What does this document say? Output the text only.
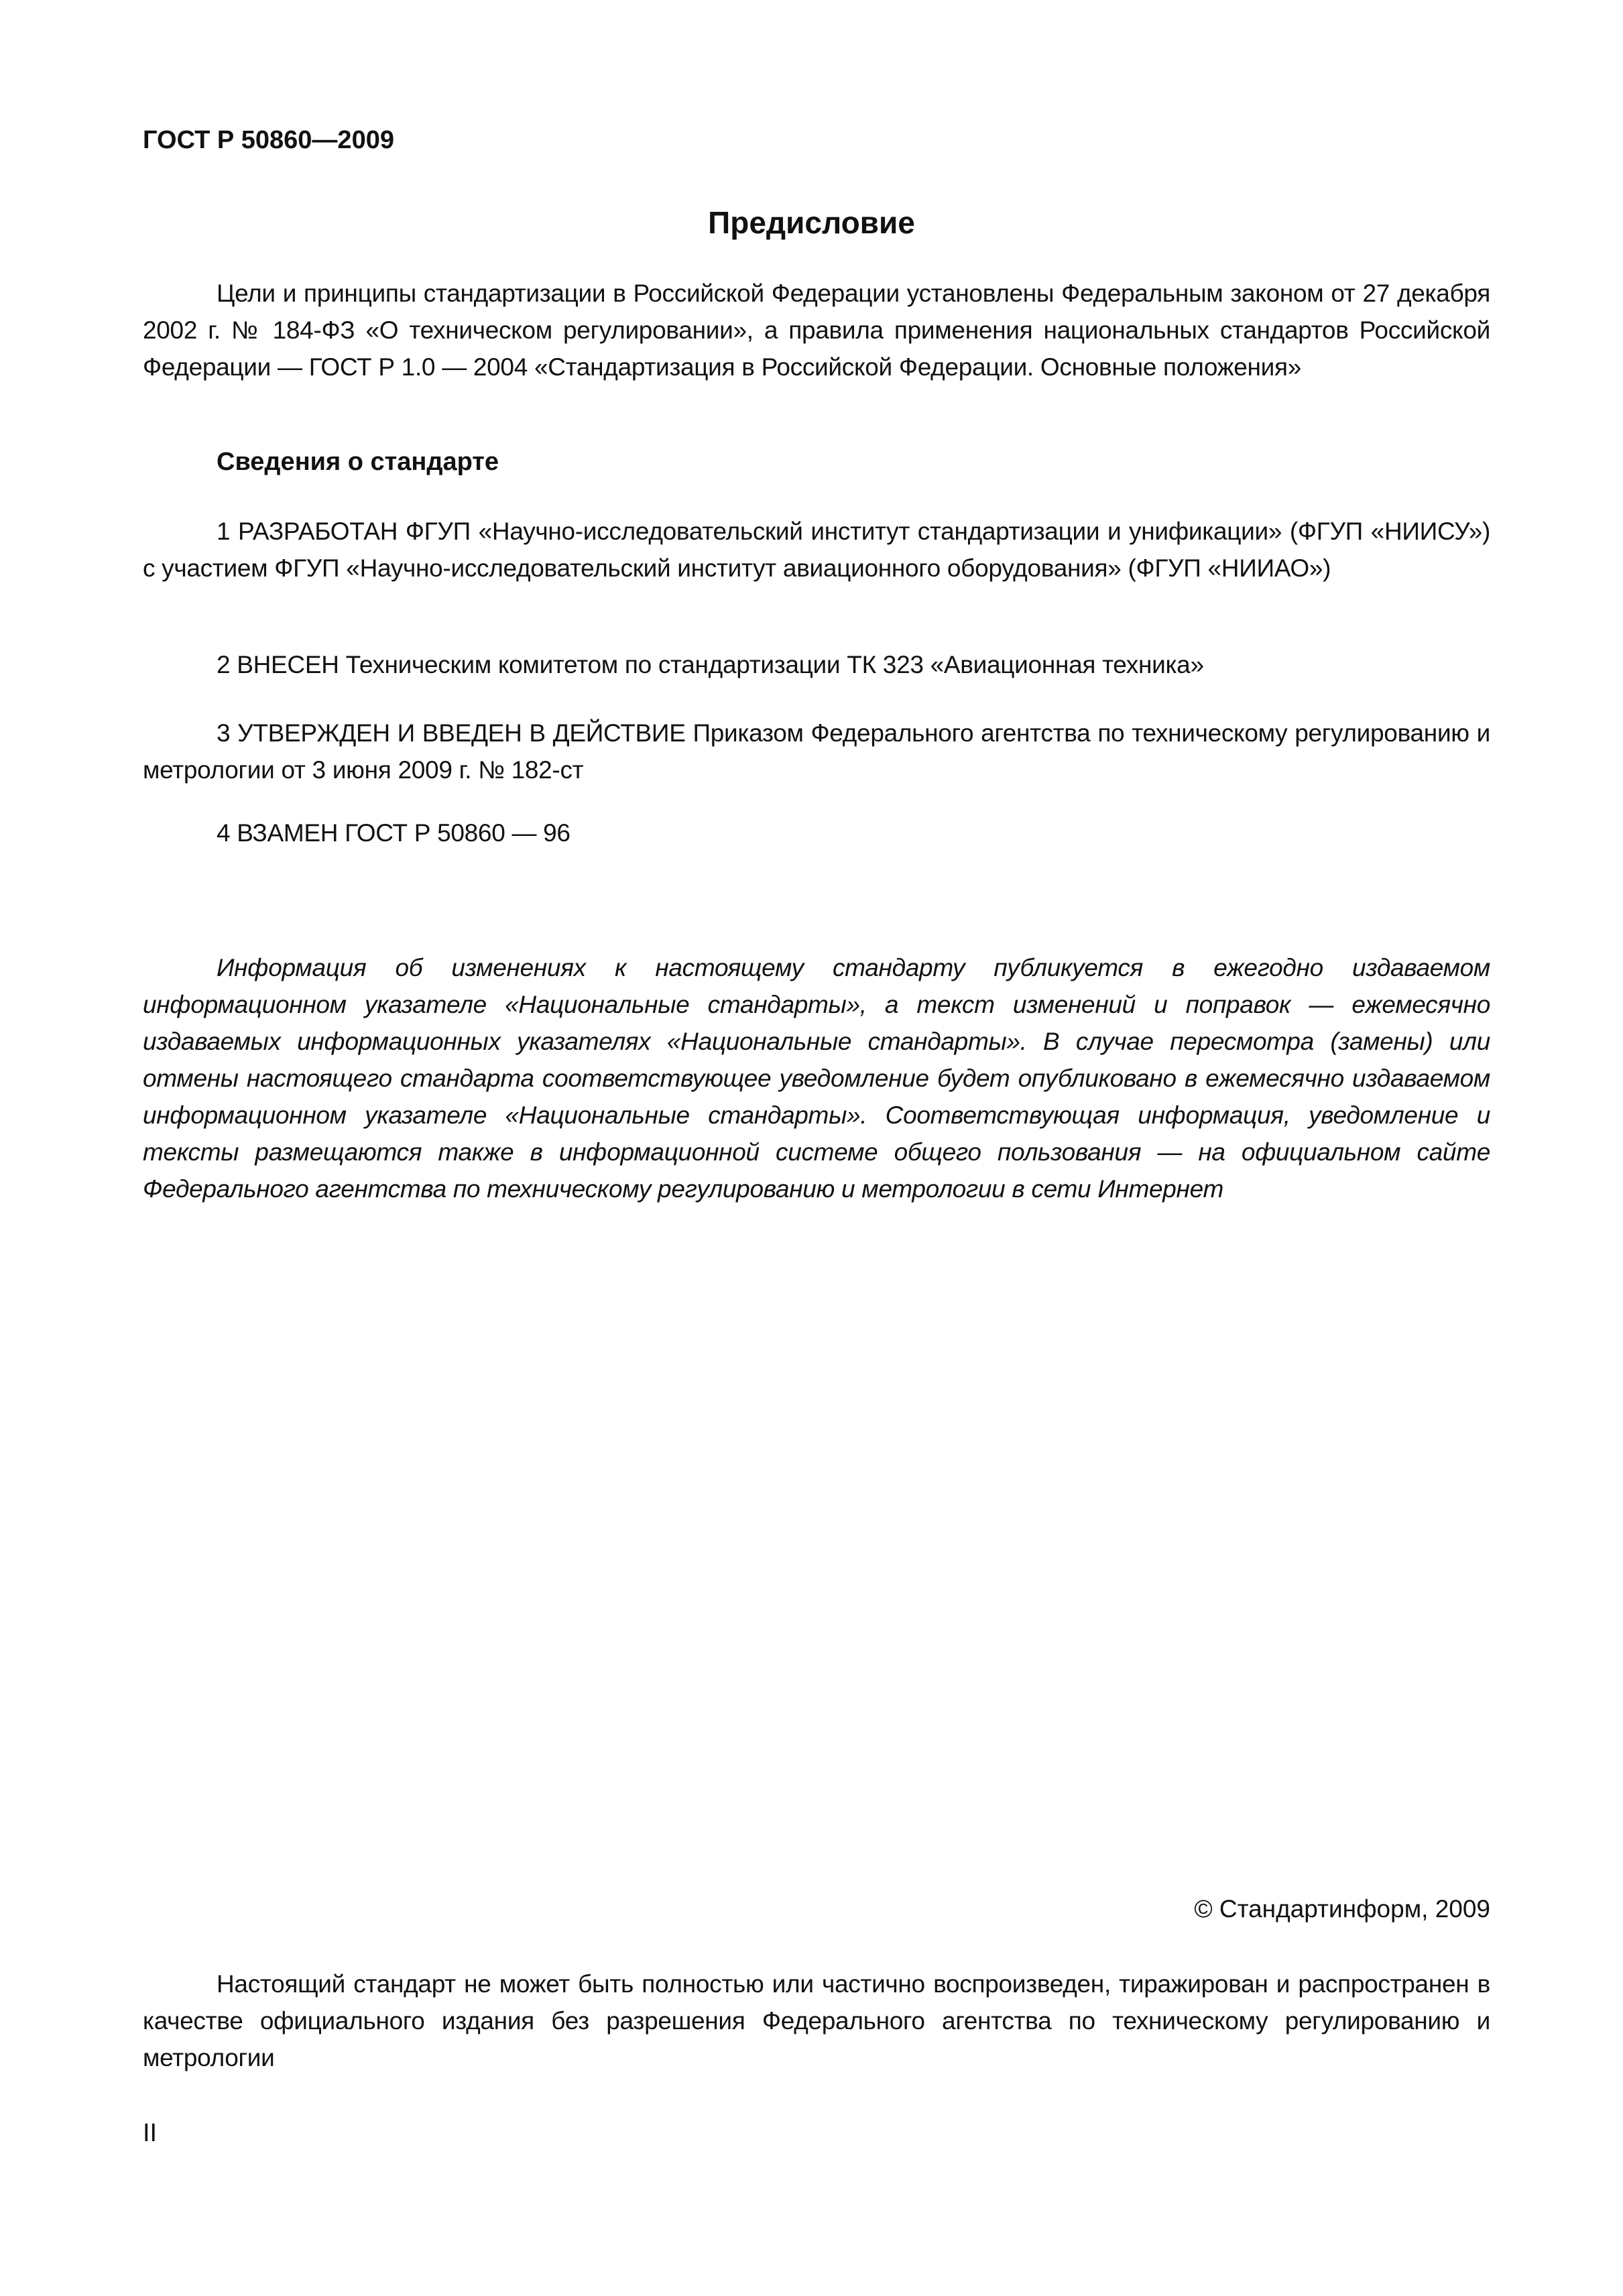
ГОСТ Р 50860—2009
Предисловие
Цели и принципы стандартизации в Российской Федерации установлены Федеральным законом от 27 декабря 2002 г. № 184-ФЗ «О техническом регулировании», а правила применения национальных стандартов Российской Федерации — ГОСТ Р 1.0 — 2004 «Стандартизация в Российской Федерации. Основные положения»
Сведения о стандарте
1 РАЗРАБОТАН ФГУП «Научно-исследовательский институт стандартизации и унификации» (ФГУП «НИИСУ») с участием ФГУП «Научно-исследовательский институт авиационного оборудования» (ФГУП «НИИАО»)
2 ВНЕСЕН Техническим комитетом по стандартизации ТК 323 «Авиационная техника»
3 УТВЕРЖДЕН И ВВЕДЕН В ДЕЙСТВИЕ Приказом Федерального агентства по техническому регулированию и метрологии от 3 июня 2009 г. № 182-ст
4 ВЗАМЕН ГОСТ Р 50860 — 96
Информация об изменениях к настоящему стандарту публикуется в ежегодно издаваемом информационном указателе «Национальные стандарты», а текст изменений и поправок — ежемесячно издаваемых информационных указателях «Национальные стандарты». В случае пересмотра (замены) или отмены настоящего стандарта соответствующее уведомление будет опубликовано в ежемесячно издаваемом информационном указателе «Национальные стандарты». Соответствующая информация, уведомление и тексты размещаются также в информационной системе общего пользования — на официальном сайте Федерального агентства по техническому регулированию и метрологии в сети Интернет
© Стандартинформ, 2009
Настоящий стандарт не может быть полностью или частично воспроизведен, тиражирован и распространен в качестве официального издания без разрешения Федерального агентства по техническому регулированию и метрологии
II
